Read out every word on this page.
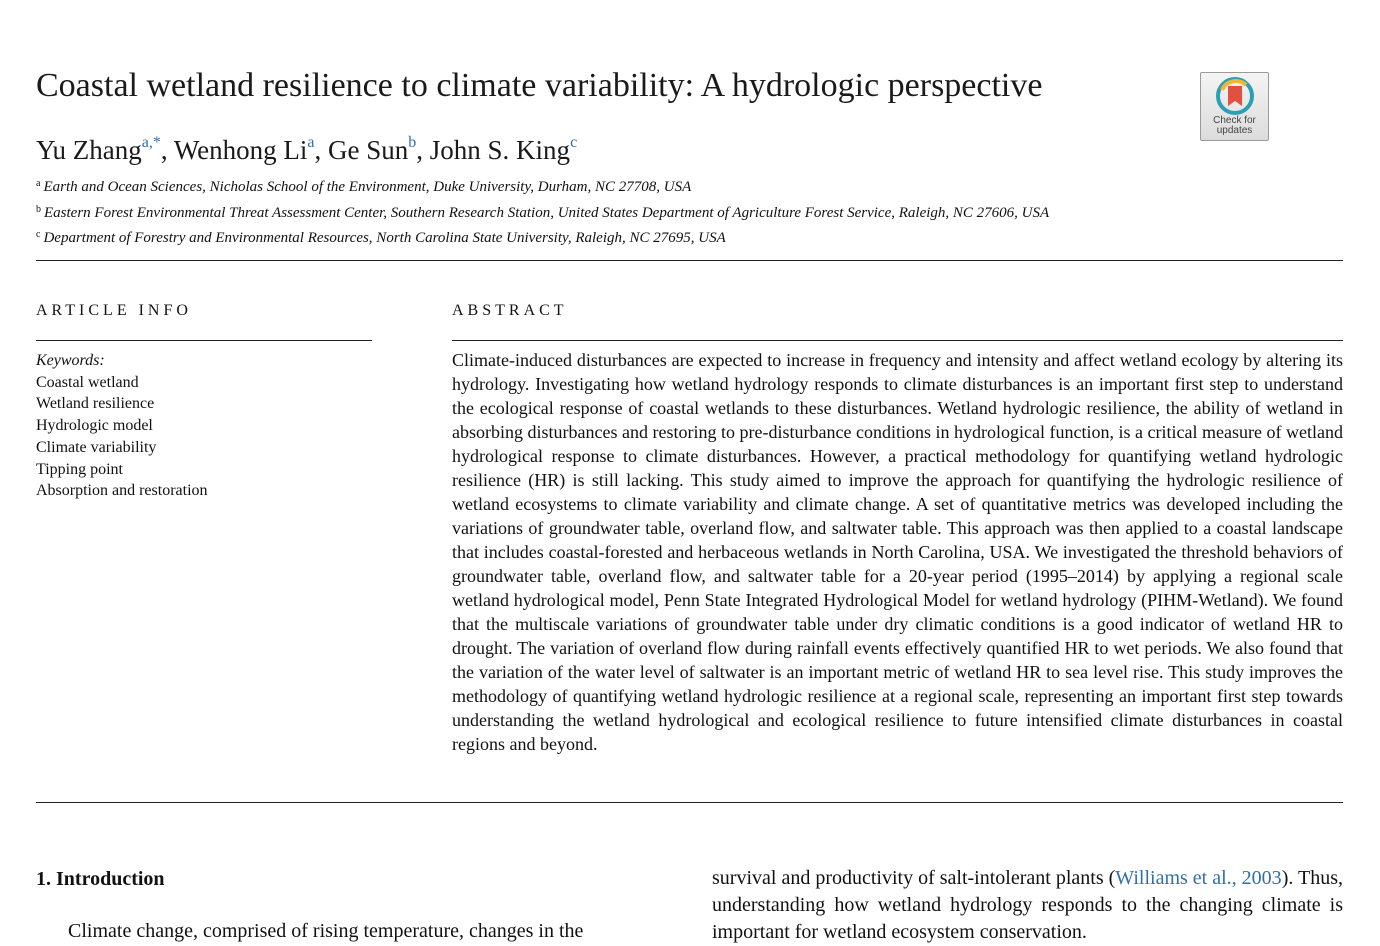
Coastal wetland resilience to climate variability: A hydrologic perspective
Check for
updates
Yu Zhang$^{a,*}$, Wenhong Li$^a$, Ge Sun$^b$, John S. King$^c$
$^a$ Earth and Ocean Sciences, Nicholas School of the Environment, Duke University, Durham, NC 27708, USA
$^b$ Eastern Forest Environmental Threat Assessment Center, Southern Research Station, United States Department of Agriculture Forest Service, Raleigh, NC 27606, USA
$^c$ Department of Forestry and Environmental Resources, North Carolina State University, Raleigh, NC 27695, USA
ARTICLE INFO	ABSTRACT
Keywords:
Coastal wetland
Wetland resilience
Hydrologic model
Climate variability
Tipping point
Absorption and restoration
Climate-induced disturbances are expected to increase in frequency and intensity and affect wetland ecology by altering its hydrology. Investigating how wetland hydrology responds to climate disturbances is an important first step to understand the ecological response of coastal wetlands to these disturbances. Wetland hydrologic resilience, the ability of wetland in absorbing disturbances and restoring to pre-disturbance conditions in hydrological function, is a critical measure of wetland hydrological response to climate disturbances. However, a practical methodology for quantifying wetland hydrologic resilience (HR) is still lacking. This study aimed to improve the approach for quantifying the hydrologic resilience of wetland ecosystems to climate variability and climate change. A set of quantitative metrics was developed including the variations of groundwater table, overland flow, and saltwater table. This approach was then applied to a coastal landscape that includes coastal-forested and herbaceous wetlands in North Carolina, USA. We investigated the threshold behaviors of groundwater table, overland flow, and saltwater table for a 20-year period (1995–2014) by applying a regional scale wetland hydrological model, Penn State Integrated Hydrological Model for wetland hydrology (PIHM-Wetland). We found that the multiscale variations of groundwater table under dry climatic conditions is a good indicator of wetland HR to drought. The variation of overland flow during rainfall events effectively quantified HR to wet periods. We also found that the variation of the water level of saltwater is an important metric of wetland HR to sea level rise. This study improves the methodology of quantifying wetland hydrologic resilience at a regional scale, representing an important first step towards understanding the wetland hydrological and ecological resilience to future intensified climate disturbances in coastal regions and beyond.
1. Introduction
Climate change, comprised of rising temperature, changes in the
survival and productivity of salt-intolerant plants (Williams et al., 2003). Thus, understanding how wetland hydrology responds to the changing climate is important for wetland ecosystem conservation.
